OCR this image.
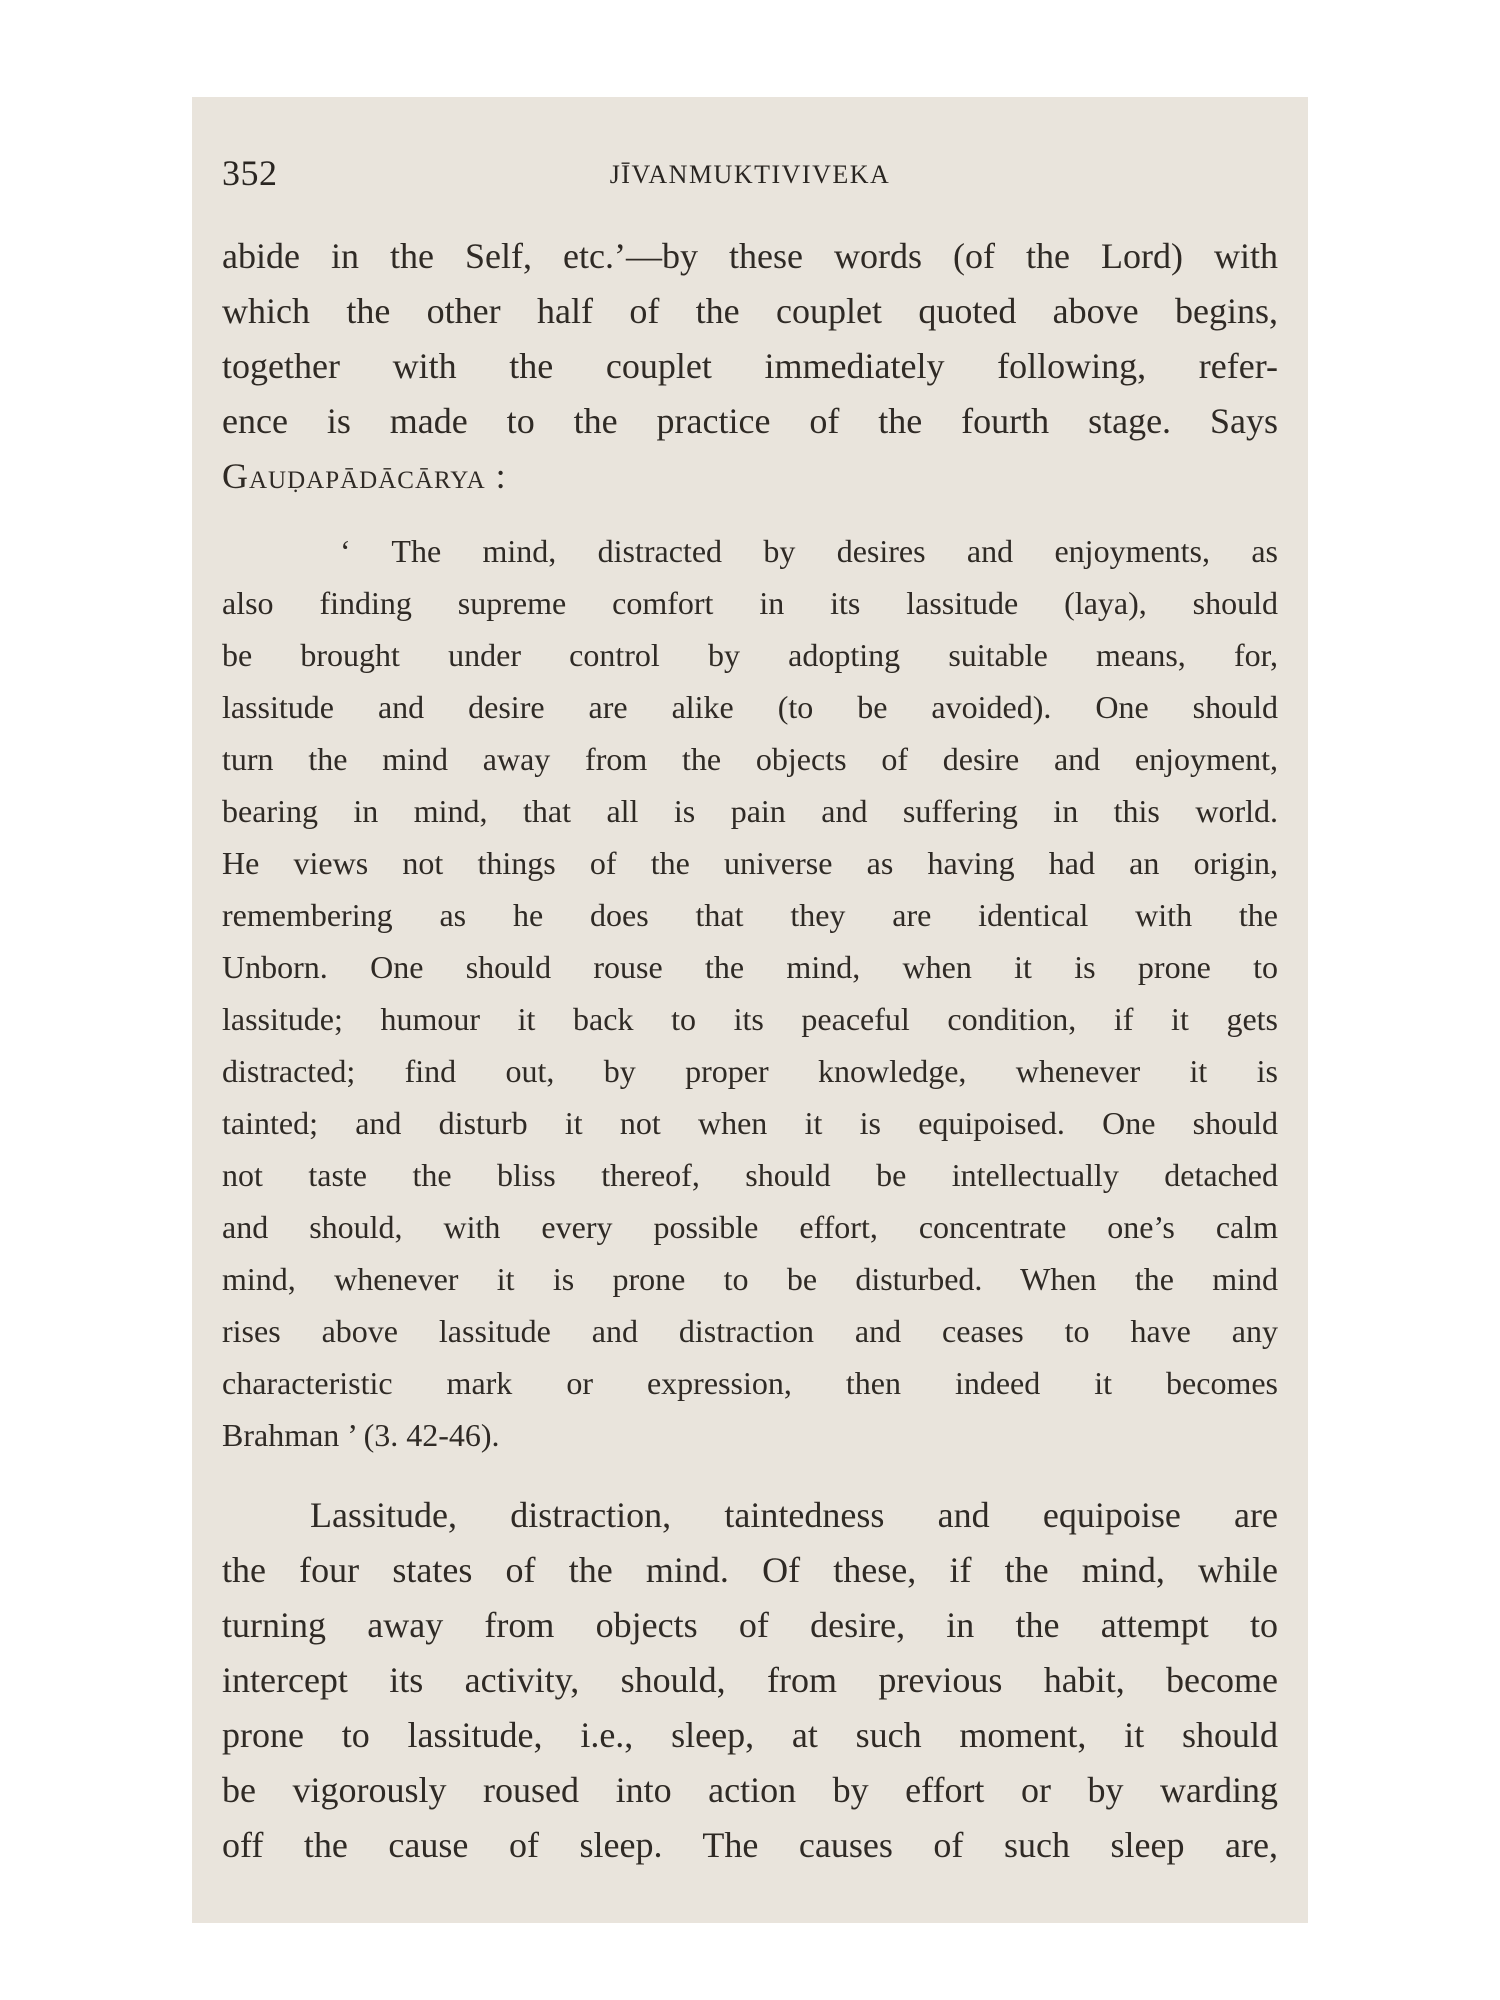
352	JĪVANMUKTIVIVEKA
abide in the Self, etc.’—by these words (of the Lord) with
which the other half of the couplet quoted above begins,
together with the couplet immediately following, refer-
ence is made to the practice of the fourth stage. Says
Gauḍapādācārya :
‘ The mind, distracted by desires and enjoyments, as
also finding supreme comfort in its lassitude (laya), should
be brought under control by adopting suitable means, for,
lassitude and desire are alike (to be avoided). One should
turn the mind away from the objects of desire and enjoyment,
bearing in mind, that all is pain and suffering in this world.
He views not things of the universe as having had an origin,
remembering as he does that they are identical with the
Unborn. One should rouse the mind, when it is prone to
lassitude; humour it back to its peaceful condition, if it gets
distracted; find out, by proper knowledge, whenever it is
tainted; and disturb it not when it is equipoised. One should
not taste the bliss thereof, should be intellectually detached
and should, with every possible effort, concentrate one’s calm
mind, whenever it is prone to be disturbed. When the mind
rises above lassitude and distraction and ceases to have any
characteristic mark or expression, then indeed it becomes
Brahman ’ (3. 42-46).
Lassitude, distraction, taintedness and equipoise are
the four states of the mind. Of these, if the mind, while
turning away from objects of desire, in the attempt to
intercept its activity, should, from previous habit, become
prone to lassitude, i.e., sleep, at such moment, it should
be vigorously roused into action by effort or by warding
off the cause of sleep. The causes of such sleep are,
